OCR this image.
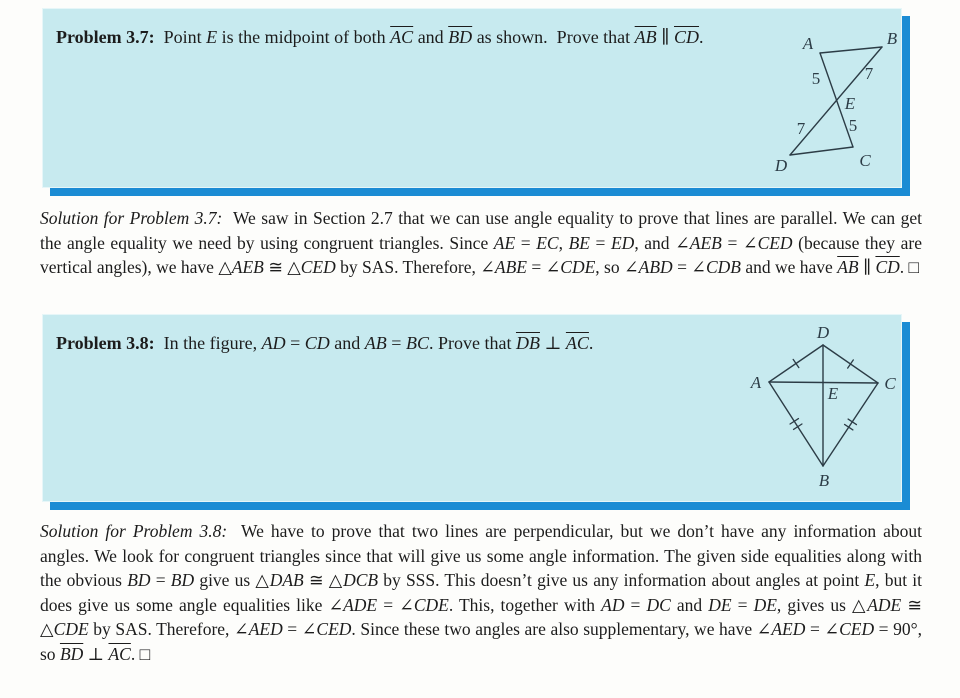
Problem 3.7:  Point E is the midpoint of both $\overline{AC}$ and $\overline{BD}$ as shown.  Prove that $\overline{AB}$ ∥ $\overline{CD}$.	A	B
E
D	C
5	7
7	5

Solution for Problem 3.7:  We saw in Section 2.7 that we can use angle equality to prove that lines are parallel. We can get the angle equality we need by using congruent triangles. Since AE = EC, BE = ED, and ∠AEB = ∠CED (because they are vertical angles), we have △AEB ≅ △CED by SAS. Therefore, ∠ABE = ∠CDE, so ∠ABD = ∠CDB and we have $\overline{AB}$ ∥ $\overline{CD}$. □

Problem 3.8:  In the figure, AD = CD and AB = BC. Prove that $\overline{DB}$ ⊥ $\overline{AC}$.

D
A	C
E
B

Solution for Problem 3.8:  We have to prove that two lines are perpendicular, but we don’t have any information about angles. We look for congruent triangles since that will give us some angle information. The given side equalities along with the obvious BD = BD give us △DAB ≅ △DCB by SSS. This doesn’t give us any information about angles at point E, but it does give us some angle equalities like ∠ADE = ∠CDE. This, together with AD = DC and DE = DE, gives us △ADE ≅ △CDE by SAS. Therefore, ∠AED = ∠CED. Since these two angles are also supplementary, we have ∠AED = ∠CED = 90°, so $\overline{BD}$ ⊥ $\overline{AC}$. □
